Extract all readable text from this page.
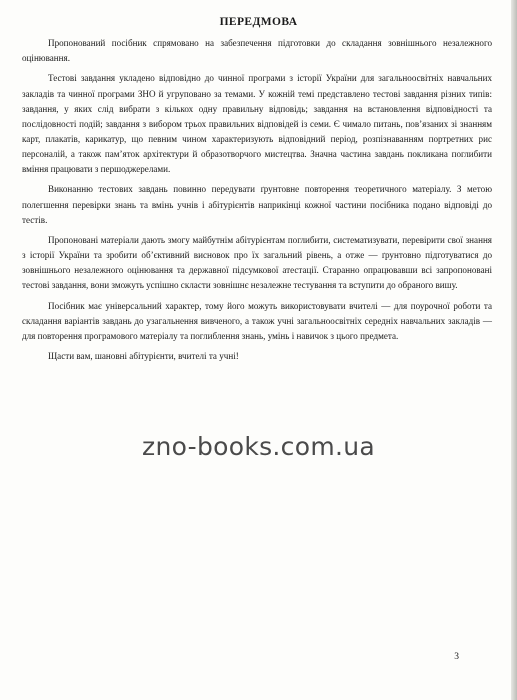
ПЕРЕДМОВА

Пропонований посібник спрямовано на забезпечення підготовки до складання зовнішнього незалежного оцінювання.

Тестові завдання укладено відповідно до чинної програми з історії України для загальноосвітніх навчальних закладів та чинної програми ЗНО й угруповано за темами. У кожній темі представлено тестові завдання різних типів: завдання, у яких слід вибрати з кількох одну правильну відповідь; завдання на встановлення відповідності та послідовності подій; завдання з вибором трьох правильних відповідей із семи. Є чимало питань, пов’язаних зі знанням карт, плакатів, карикатур, що певним чином характеризують відповідний період, розпізнаванням портретних рис персоналій, а також пам’яток архітектури й образотворчого мистецтва. Значна частина завдань покликана поглибити вміння працювати з першоджерелами.

Виконанню тестових завдань повинно передувати ґрунтовне повторення теоретичного матеріалу. З метою полегшення перевірки знань та вмінь учнів і абітурієнтів наприкінці кожної частини посібника подано відповіді до тестів.

Пропоновані матеріали дають змогу майбутнім абітурієнтам поглибити, систематизувати, перевірити свої знання з історії України та зробити об’єктивний висновок про їх загальний рівень, а отже — ґрунтовно підготуватися до зовнішнього незалежного оцінювання та державної підсумкової атестації. Старанно опрацювавши всі запропоновані тестові завдання, вони зможуть успішно скласти зовнішнє незалежне тестування та вступити до обраного вишу.

Посібник має універсальний характер, тому його можуть використовувати вчителі — для поурочної роботи та складання варіантів завдань до узагальнення вивченого, а також учні загальноосвітніх середніх навчальних закладів — для повторення програмового матеріалу та поглиблення знань, умінь і навичок з цього предмета.

Щасти вам, шановні абітурієнти, вчителі та учні!

zno-books.com.ua
3
